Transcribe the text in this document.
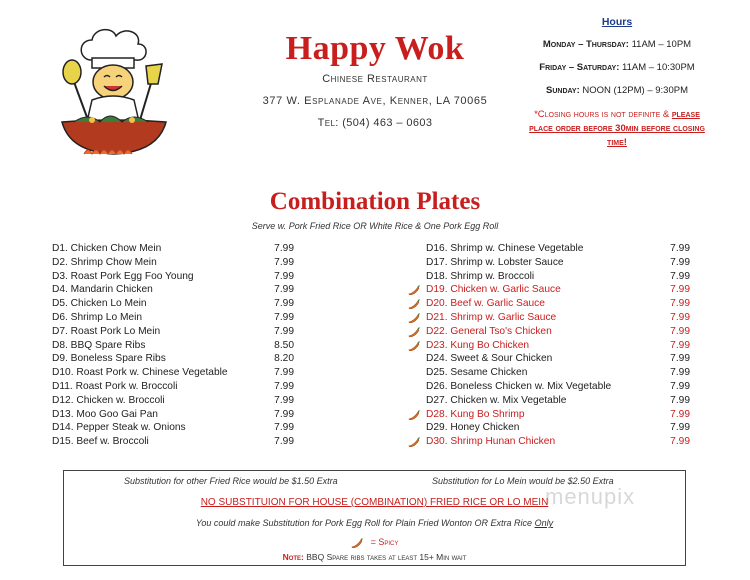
Happy Wok
Chinese Restaurant
377 W. Esplanade Ave, Kenner, LA 70065
Tel: (504) 463 – 0603
Hours
Monday – Thursday: 11AM – 10PM
Friday – Saturday: 11AM – 10:30PM
Sunday: NOON (12PM) – 9:30PM
*Closing hours is not definite & please place order before 30min before closing time!
Combination Plates
Serve w. Pork Fried Rice OR White Rice & One Pork Egg Roll
D1. Chicken Chow Mein	7.99
D2. Shrimp Chow Mein	7.99
D3. Roast Pork Egg Foo Young	7.99
D4. Mandarin Chicken	7.99
D5. Chicken Lo Mein	7.99
D6. Shrimp Lo Mein	7.99
D7. Roast Pork Lo Mein	7.99
D8. BBQ Spare Ribs	8.50
D9. Boneless Spare Ribs	8.20
D10. Roast Pork w. Chinese Vegetable	7.99
D11. Roast Pork w. Broccoli	7.99
D12. Chicken w. Broccoli	7.99
D13. Moo Goo Gai Pan	7.99
D14. Pepper Steak w. Onions	7.99
D15. Beef w. Broccoli	7.99
D16. Shrimp w. Chinese Vegetable	7.99
D17. Shrimp w. Lobster Sauce	7.99
D18. Shrimp w. Broccoli	7.99
D19. Chicken w. Garlic Sauce	7.99
D20. Beef w. Garlic Sauce	7.99
D21. Shrimp w. Garlic Sauce	7.99
D22. General Tso's Chicken	7.99
D23. Kung Bo Chicken	7.99
D24. Sweet & Sour Chicken	7.99
D25. Sesame Chicken	7.99
D26. Boneless Chicken w. Mix Vegetable	7.99
D27. Chicken w. Mix Vegetable	7.99
D28. Kung Bo Shrimp	7.99
D29. Honey Chicken	7.99
D30. Shrimp Hunan Chicken	7.99
menupix
Substitution for other Fried Rice would be $1.50 Extra	Substitution for Lo Mein would be $2.50 Extra
NO SUBSTITUION FOR HOUSE (COMBINATION) FRIED RICE OR LO MEIN
You could make Substitution for Pork Egg Roll for Plain Fried Wonton OR Extra Rice Only
= Spicy
Note: BBQ Spare ribs takes at least 15+ Min wait
